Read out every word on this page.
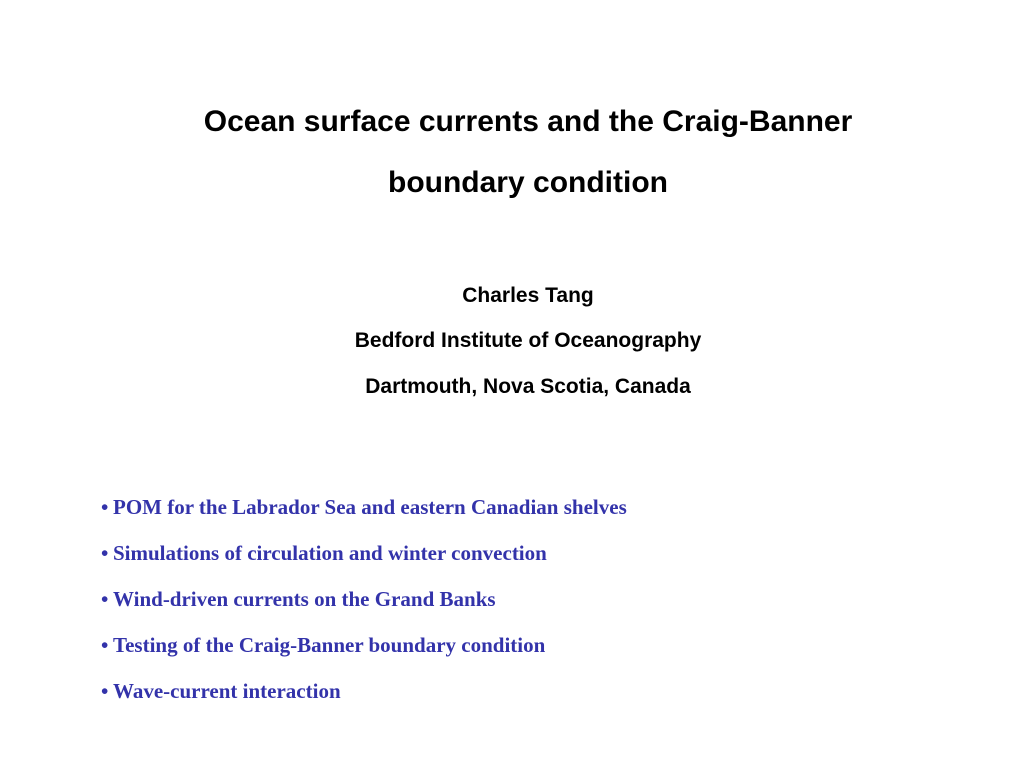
Ocean surface currents and the Craig-Banner
boundary condition
Charles Tang
Bedford Institute of Oceanography
Dartmouth, Nova Scotia, Canada
• POM for the Labrador Sea and eastern Canadian shelves
• Simulations of circulation and winter convection
• Wind-driven currents on the Grand Banks
• Testing of the Craig-Banner boundary condition
• Wave-current interaction
